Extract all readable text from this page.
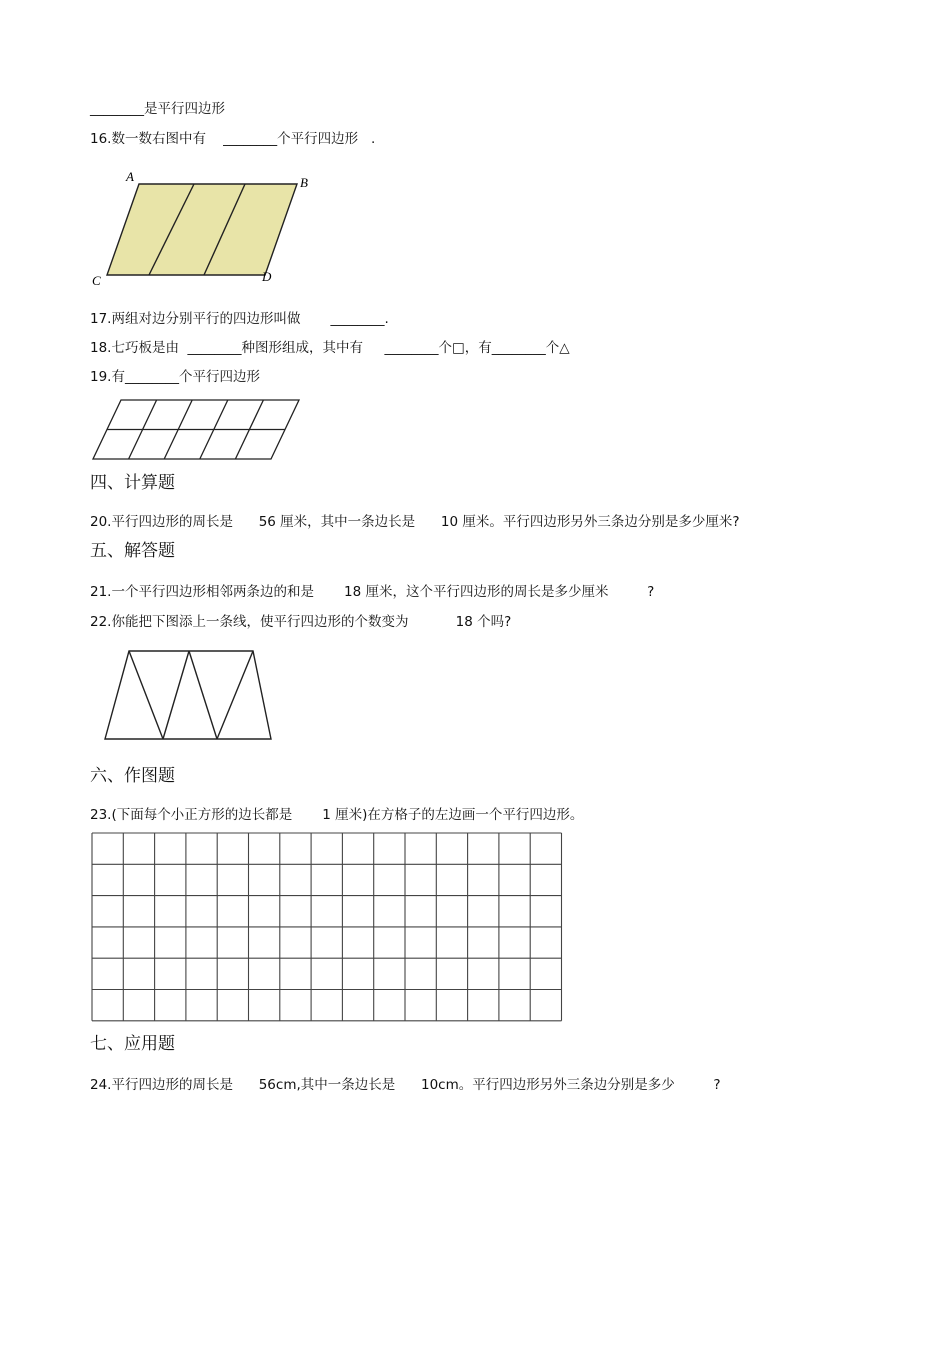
________是平行四边形
16.数一数右图中有    ________个平行四边形   .
A	B
C	D
17.两组对边分别平行的四边形叫做       ________.
18.七巧板是由  ________种图形组成，其中有     ________个□，有________个△
19.有________个平行四边形
四、计算题
20.平行四边形的周长是      56 厘米，其中一条边长是      10 厘米。平行四边形另外三条边分别是多少厘米?
五、解答题
21.一个平行四边形相邻两条边的和是       18 厘米，这个平行四边形的周长是多少厘米         ?
22.你能把下图添上一条线，使平行四边形的个数变为           18 个吗?
六、作图题
23.(下面每个小正方形的边长都是       1 厘米)在方格子的左边画一个平行四边形。
七、应用题
24.平行四边形的周长是      56cm,其中一条边长是      10cm。平行四边形另外三条边分别是多少         ?
